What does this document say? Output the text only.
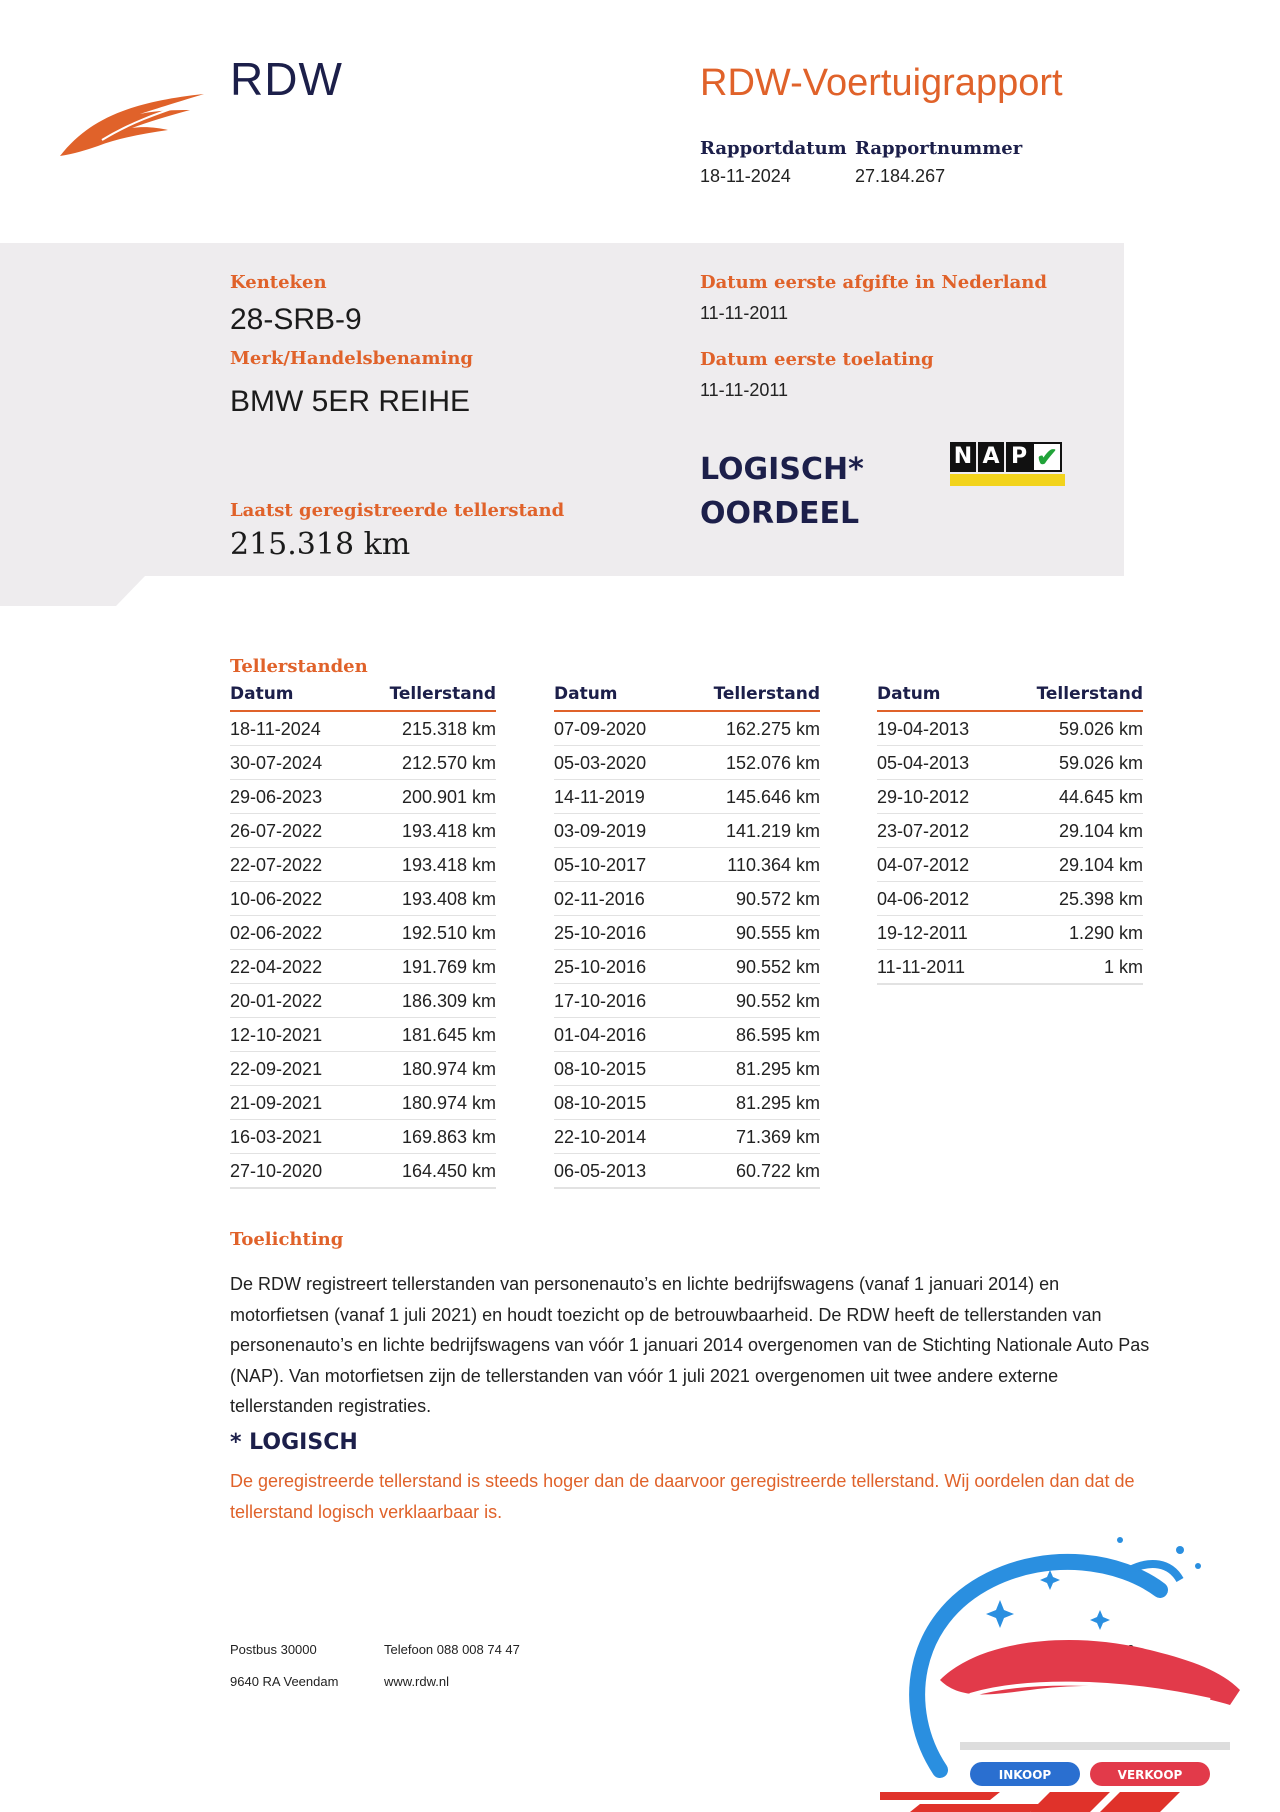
RDW	RDW-Voertuigrapport
Rapportdatum
18-11-2024
Rapportnummer
27.184.267
Kenteken
28-SRB-9
Merk/Handelsbenaming
BMW 5ER REIHE
Laatst geregistreerde tellerstand
215.318 km
Datum eerste afgifte in Nederland
11-11-2011
Datum eerste toelating
11-11-2011
LOGISCH*
OORDEEL
N A P ✔
Tellerstanden
Datum	Tellerstand
18-11-2024	215.318 km
30-07-2024	212.570 km
29-06-2023	200.901 km
26-07-2022	193.418 km
22-07-2022	193.418 km
10-06-2022	193.408 km
02-06-2022	192.510 km
22-04-2022	191.769 km
20-01-2022	186.309 km
12-10-2021	181.645 km
22-09-2021	180.974 km
21-09-2021	180.974 km
16-03-2021	169.863 km
27-10-2020	164.450 km
Datum	Tellerstand
07-09-2020	162.275 km
05-03-2020	152.076 km
14-11-2019	145.646 km
03-09-2019	141.219 km
05-10-2017	110.364 km
02-11-2016	90.572 km
25-10-2016	90.555 km
25-10-2016	90.552 km
17-10-2016	90.552 km
01-04-2016	86.595 km
08-10-2015	81.295 km
08-10-2015	81.295 km
22-10-2014	71.369 km
06-05-2013	60.722 km
Datum	Tellerstand
19-04-2013	59.026 km
05-04-2013	59.026 km
29-10-2012	44.645 km
23-07-2012	29.104 km
04-07-2012	29.104 km
04-06-2012	25.398 km
19-12-2011	1.290 km
11-11-2011	1 km
Toelichting
De RDW registreert tellerstanden van personenauto’s en lichte bedrijfswagens (vanaf 1 januari 2014) en motorfietsen (vanaf 1 juli 2021) en houdt toezicht op de betrouwbaarheid. De RDW heeft de tellerstanden van personenauto’s en lichte bedrijfswagens van vóór 1 januari 2014 overgenomen van de Stichting Nationale Auto Pas (NAP). Van motorfietsen zijn de tellerstanden van vóór 1 juli 2021 overgenomen uit twee andere externe tellerstanden registraties.
* LOGISCH
De geregistreerde tellerstand is steeds hoger dan de daarvoor geregistreerde tellerstand. Wij oordelen dan dat de tellerstand logisch verklaarbaar is.
Postbus 30000
9640 RA Veendam
Telefoon 088 008 74 47
www.rdw.nl
INKOOP	VERKOOP
